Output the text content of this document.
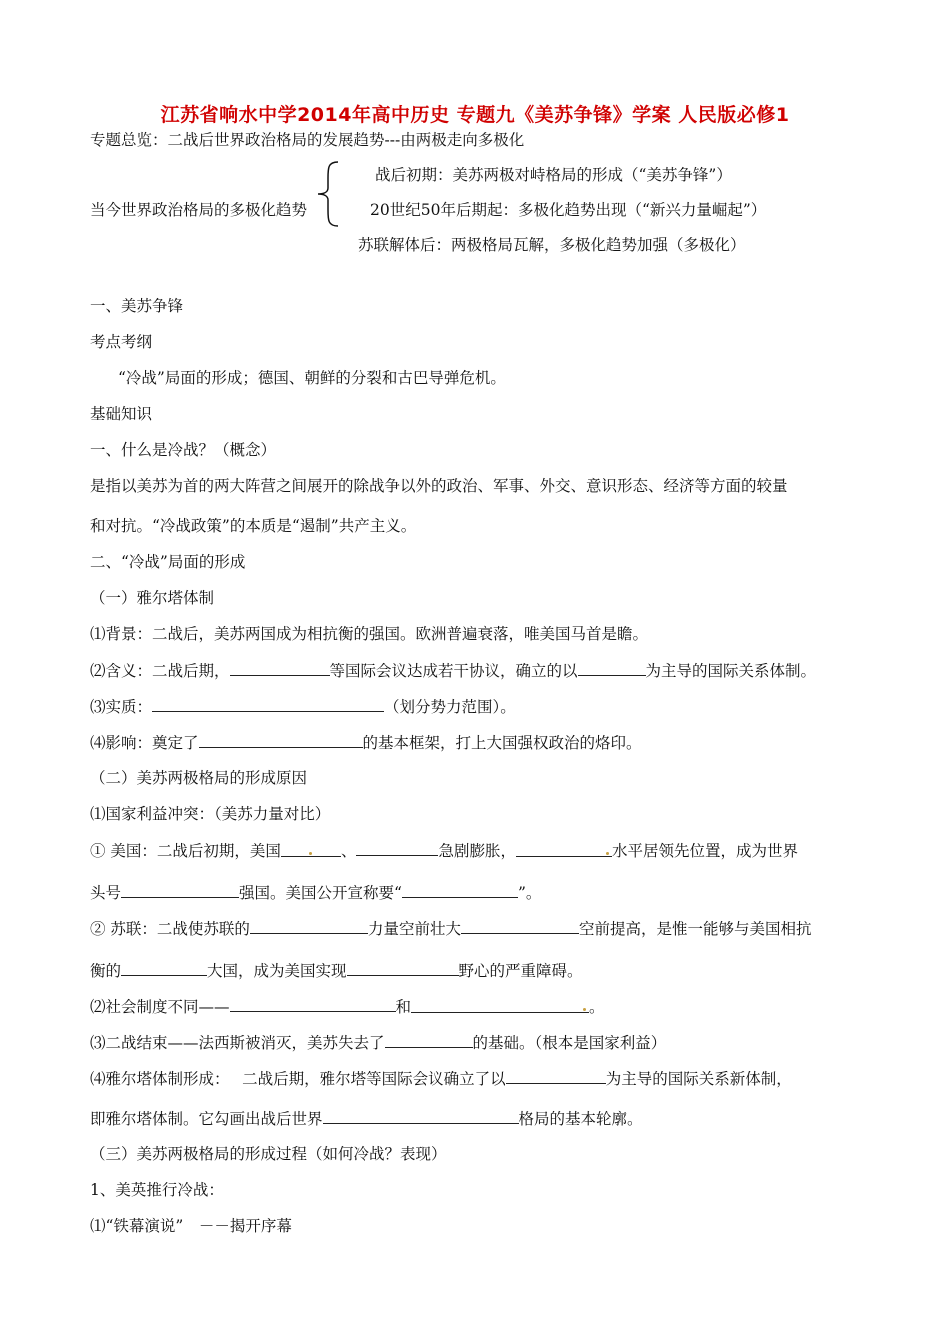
江苏省响水中学2014年高中历史 专题九《美苏争锋》学案 人民版必修1
专题总览：二战后世界政治格局的发展趋势---由两极走向多极化
战后初期：美苏两极对峙格局的形成（“美苏争锋”）
当今世界政治格局的多极化趋势	20世纪50年后期起：多极化趋势出现（“新兴力量崛起”）
苏联解体后：两极格局瓦解，多极化趋势加强（多极化）
一、美苏争锋
考点考纲
“冷战”局面的形成；德国、朝鲜的分裂和古巴导弹危机。
基础知识
一、什么是冷战？（概念）
是指以美苏为首的两大阵营之间展开的除战争以外的政治、军事、外交、意识形态、经济等方面的较量
和对抗。“冷战政策”的本质是“遏制”共产主义。
二、“冷战”局面的形成
（一）雅尔塔体制
⑴背景：二战后，美苏两国成为相抗衡的强国。欧洲普遍衰落，唯美国马首是瞻。
⑵含义：二战后期，	等国际会议达成若干协议，确立的以	为主导的国际关系体制。
⑶实质：	（划分势力范围）。
⑷影响：奠定了	的基本框架，打上大国强权政治的烙印。
（二）美苏两极格局的形成原因
⑴国家利益冲突：（美苏力量对比）
① 美国：二战后初期，美国	、	急剧膨胀，	水平居领先位置，成为世界
头号	强国。美国公开宣称要“	”。
② 苏联：二战使苏联的	力量空前壮大	空前提高，是惟一能够与美国相抗
衡的	大国，成为美国实现	野心的严重障碍。
⑵社会制度不同——	和	。
⑶二战结束——法西斯被消灭，美苏失去了	的基础。（根本是国家利益）
⑷雅尔塔体制形成：　 二战后期，雅尔塔等国际会议确立了以	为主导的国际关系新体制，
即雅尔塔体制。它勾画出战后世界	格局的基本轮廓。
（三）美苏两极格局的形成过程（如何冷战？表现）
1、美英推行冷战：
⑴“铁幕演说”　－－揭开序幕
